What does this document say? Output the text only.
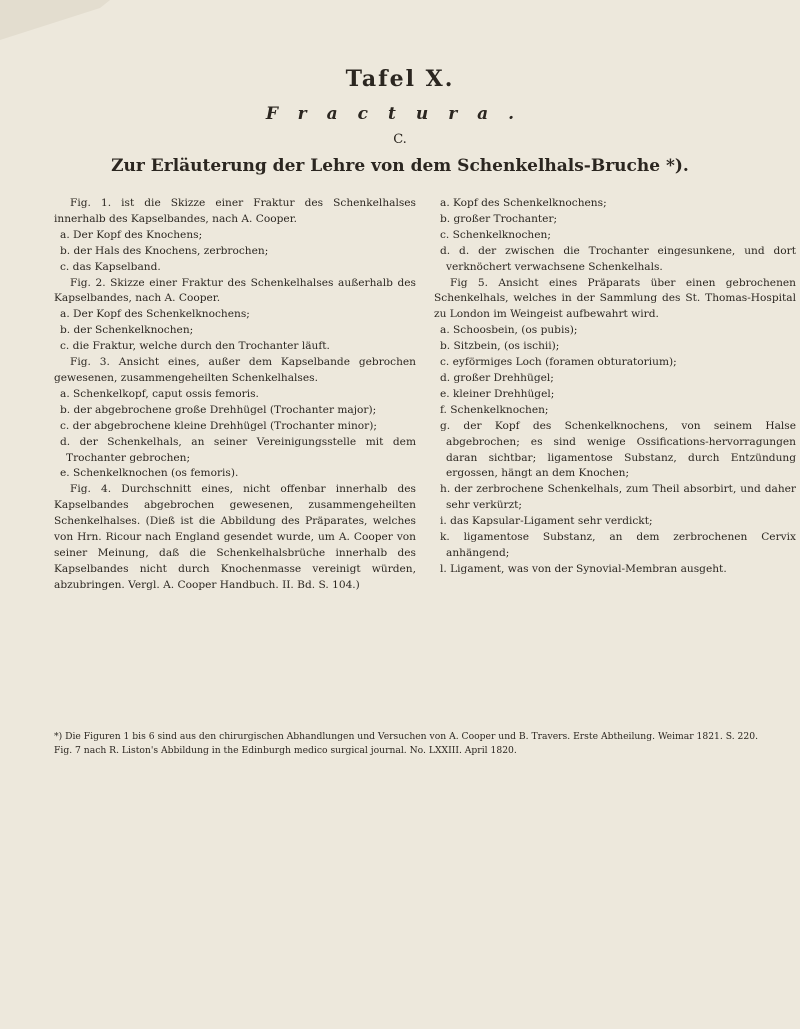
Tafel X.
Fractura.
C.
Zur Erläuterung der Lehre von dem Schenkelhals-Bruche *).

Fig. 1. ist die Skizze einer Fraktur des Schenkelhalses innerhalb des Kapselbandes, nach A. Cooper.

a. Der Kopf des Knochens;

b. der Hals des Knochens, zerbrochen;

c. das Kapselband.

Fig. 2. Skizze einer Fraktur des Schenkelhalses außerhalb des Kapselbandes, nach A. Cooper.

a. Der Kopf des Schenkelknochens;

b. der Schenkelknochen;

c. die Fraktur, welche durch den Trochanter läuft.

Fig. 3. Ansicht eines, außer dem Kapselbande gebrochen gewesenen, zusammengeheilten Schenkelhalses.

a. Schenkelkopf, caput ossis femoris.

b. der abgebrochene große Drehhügel (Trochanter major);

c. der abgebrochene kleine Drehhügel (Trochanter minor);

d. der Schenkelhals, an seiner Vereinigungsstelle mit dem Trochanter gebrochen;

e. Schenkelknochen (os femoris).

Fig. 4. Durchschnitt eines, nicht offenbar innerhalb des Kapselbandes abgebrochen gewesenen, zusammengeheilten Schenkelhalses. (Dieß ist die Abbildung des Präparates, welches von Hrn. Ricour nach England gesendet wurde, um A. Cooper von seiner Meinung, daß die Schenkelhalsbrüche innerhalb des Kapselbandes nicht durch Knochenmasse vereinigt würden, abzubringen. Vergl. A. Cooper Handbuch. II. Bd. S. 104.)

a. Kopf des Schenkelknochens;

b. großer Trochanter;

c. Schenkelknochen;

d. d. der zwischen die Trochanter eingesunkene, und dort verknöchert verwachsene Schenkelhals.

Fig 5. Ansicht eines Präparats über einen gebrochenen Schenkelhals, welches in der Sammlung des St. Thomas-Hospital zu London im Weingeist aufbewahrt wird.

a. Schoosbein, (os pubis);

b. Sitzbein, (os ischii);

c. eyförmiges Loch (foramen obturatorium);

d. großer Drehhügel;

e. kleiner Drehhügel;

f. Schenkelknochen;

g. der Kopf des Schenkelknochens, von seinem Halse abgebrochen; es sind wenige Ossifications-hervorragungen daran sichtbar; ligamentose Substanz, durch Entzündung ergossen, hängt an dem Knochen;

h. der zerbrochene Schenkelhals, zum Theil absorbirt, und daher sehr verkürzt;

i. das Kapsular-Ligament sehr verdickt;

k. ligamentose Substanz, an dem zerbrochenen Cervix anhängend;

l. Ligament, was von der Synovial-Membran ausgeht.

*) Die Figuren 1 bis 6 sind aus den chirurgischen Abhandlungen und Versuchen von A. Cooper und B. Travers. Erste Abtheilung. Weimar 1821. S. 220.

Fig. 7 nach R. Liston's Abbildung in the Edinburgh medico surgical journal. No. LXXIII. April 1820.
